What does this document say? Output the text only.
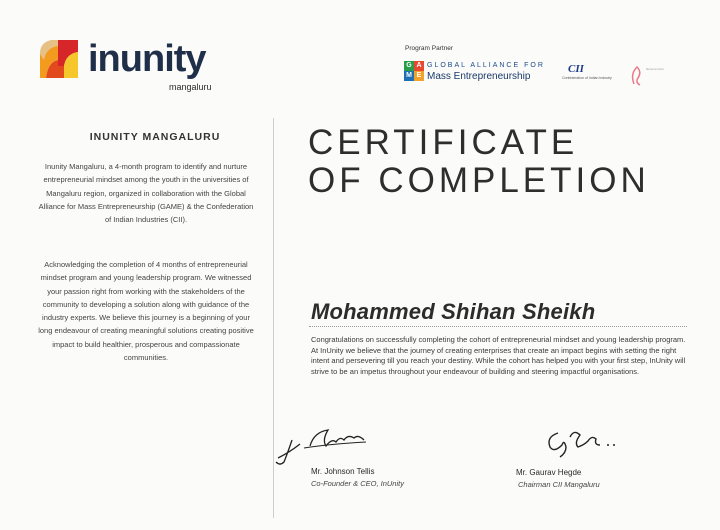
inunity
mangaluru
Program Partner
G A
M E
GLOBAL ALLIANCE FOR
Mass Entrepreneurship
CII
Confederation of Indian Industry
Namma Ooru
INUNITY MANGALURU
Inunity Mangaluru, a 4-month program to identify and nurture entrepreneurial mindset among the youth in the universities of Mangaluru region, organized in collaboration with the Global Alliance for Mass Entrepreneurship (GAME) & the Confederation of Indian Industries (CII).
Acknowledging the completion of 4 months of entrepreneurial mindset program and young leadership program. We witnessed your passion right from working with the stakeholders of the community to developing a solution along with guidance of the industry experts. We believe this journey is a beginning of your long endeavour of creating meaningful solutions creating positive impact to build healthier, prosperous and compassionate communities.
CERTIFICATE
OF COMPLETION
Mohammed Shihan Sheikh
Congratulations on successfully completing the cohort of entrepreneurial mindset and young leadership program. At InUnity we believe that the journey of creating enterprises that create an impact begins with setting the right intent and persevering till you reach your destiny. While the cohort has helped you with your first step, InUnity will strive to be an impetus throughout your endeavour of building and steering impactful organisations.
Mr. Johnson Tellis
Co-Founder & CEO, InUnity
Mr. Gaurav Hegde
Chairman CII Mangaluru
